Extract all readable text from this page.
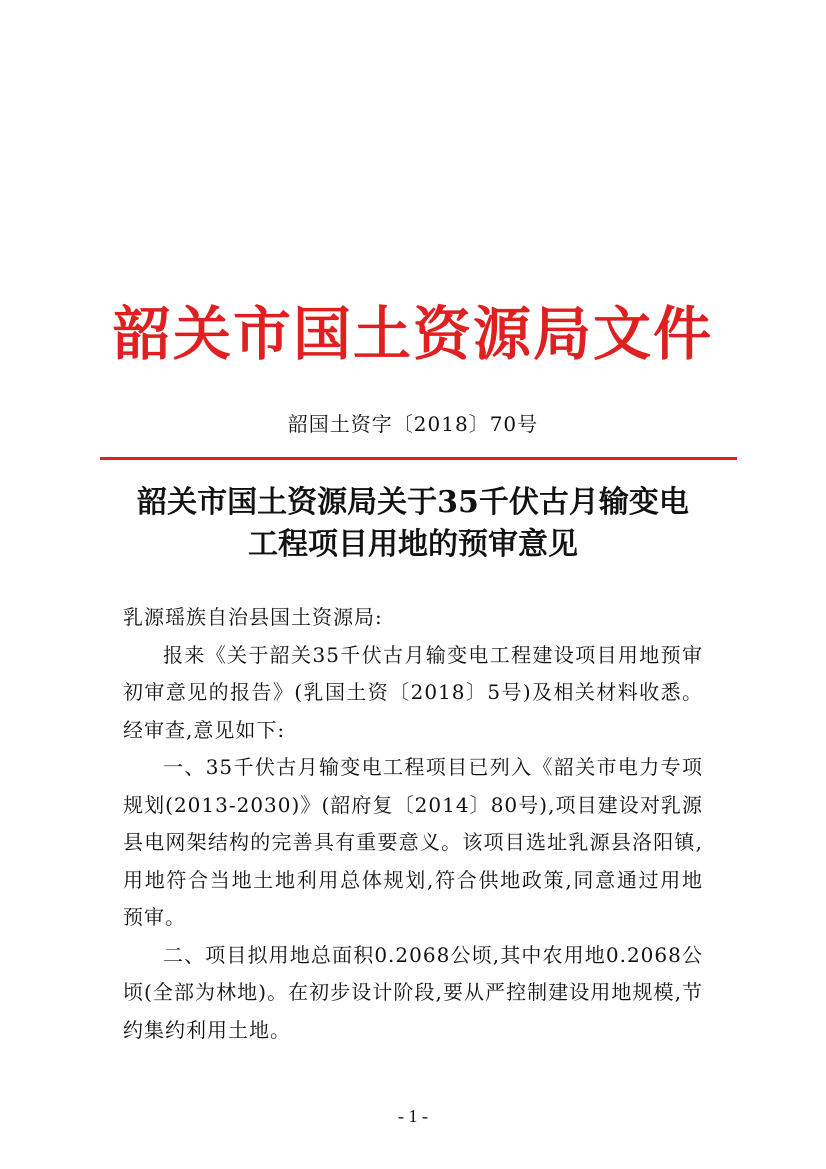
韶关市国土资源局文件
韶国土资字〔2018〕70号
韶关市国土资源局关于35千伏古月输变电
工程项目用地的预审意见

乳源瑶族自治县国土资源局:

报来《关于韶关35千伏古月输变电工程建设项目用地预审初审意见的报告》(乳国土资〔2018〕5号)及相关材料收悉。经审查,意见如下:

一、35千伏古月输变电工程项目已列入《韶关市电力专项规划(2013-2030)》(韶府复〔2014〕80号),项目建设对乳源县电网架结构的完善具有重要意义。该项目选址乳源县洛阳镇,用地符合当地土地利用总体规划,符合供地政策,同意通过用地预审。

二、项目拟用地总面积0.2068公顷,其中农用地0.2068公顷(全部为林地)。在初步设计阶段,要从严控制建设用地规模,节约集约利用土地。

- 1 -
